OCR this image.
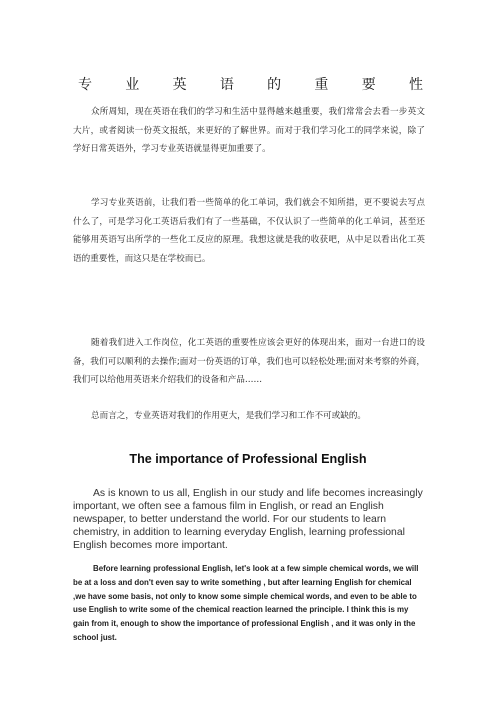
专 业 英 语 的 重 要 性

众所周知，现在英语在我们的学习和生活中显得越来越重要，我们常常会去看一步英文大片，或者阅读一份英文报纸，来更好的了解世界。而对于我们学习化工的同学来说，除了学好日常英语外，学习专业英语就显得更加重要了。

学习专业英语前，让我们看一些简单的化工单词，我们就会不知所措，更不要说去写点什么了，可是学习化工英语后我们有了一些基础，不仅认识了一些简单的化工单词，甚至还能够用英语写出所学的一些化工反应的原理。我想这就是我的收获吧，从中足以看出化工英语的重要性，而这只是在学校而已。

随着我们进入工作岗位，化工英语的重要性应该会更好的体现出来，面对一台进口的设备，我们可以顺利的去操作;面对一份英语的订单，我们也可以轻松处理;面对来考察的外商，我们可以给他用英语来介绍我们的设备和产品……

总而言之，专业英语对我们的作用更大，是我们学习和工作不可或缺的。

The importance of Professional English

As is known to us all, English in our study and life becomes increasingly important, we often see a famous film in English, or read an English newspaper, to better understand the world. For our students to learn chemistry, in addition to learning everyday English, learning professional English becomes more important.

Before learning professional English, let's look at a few simple chemical words, we will be at a loss and don't even say to write something , but after learning English for chemical ,we have some basis, not only to know some simple chemical words, and even to be able to use English to write some of the chemical reaction learned the principle. I think this is my gain from it, enough to show the importance of professional English , and it was only in the school just.
